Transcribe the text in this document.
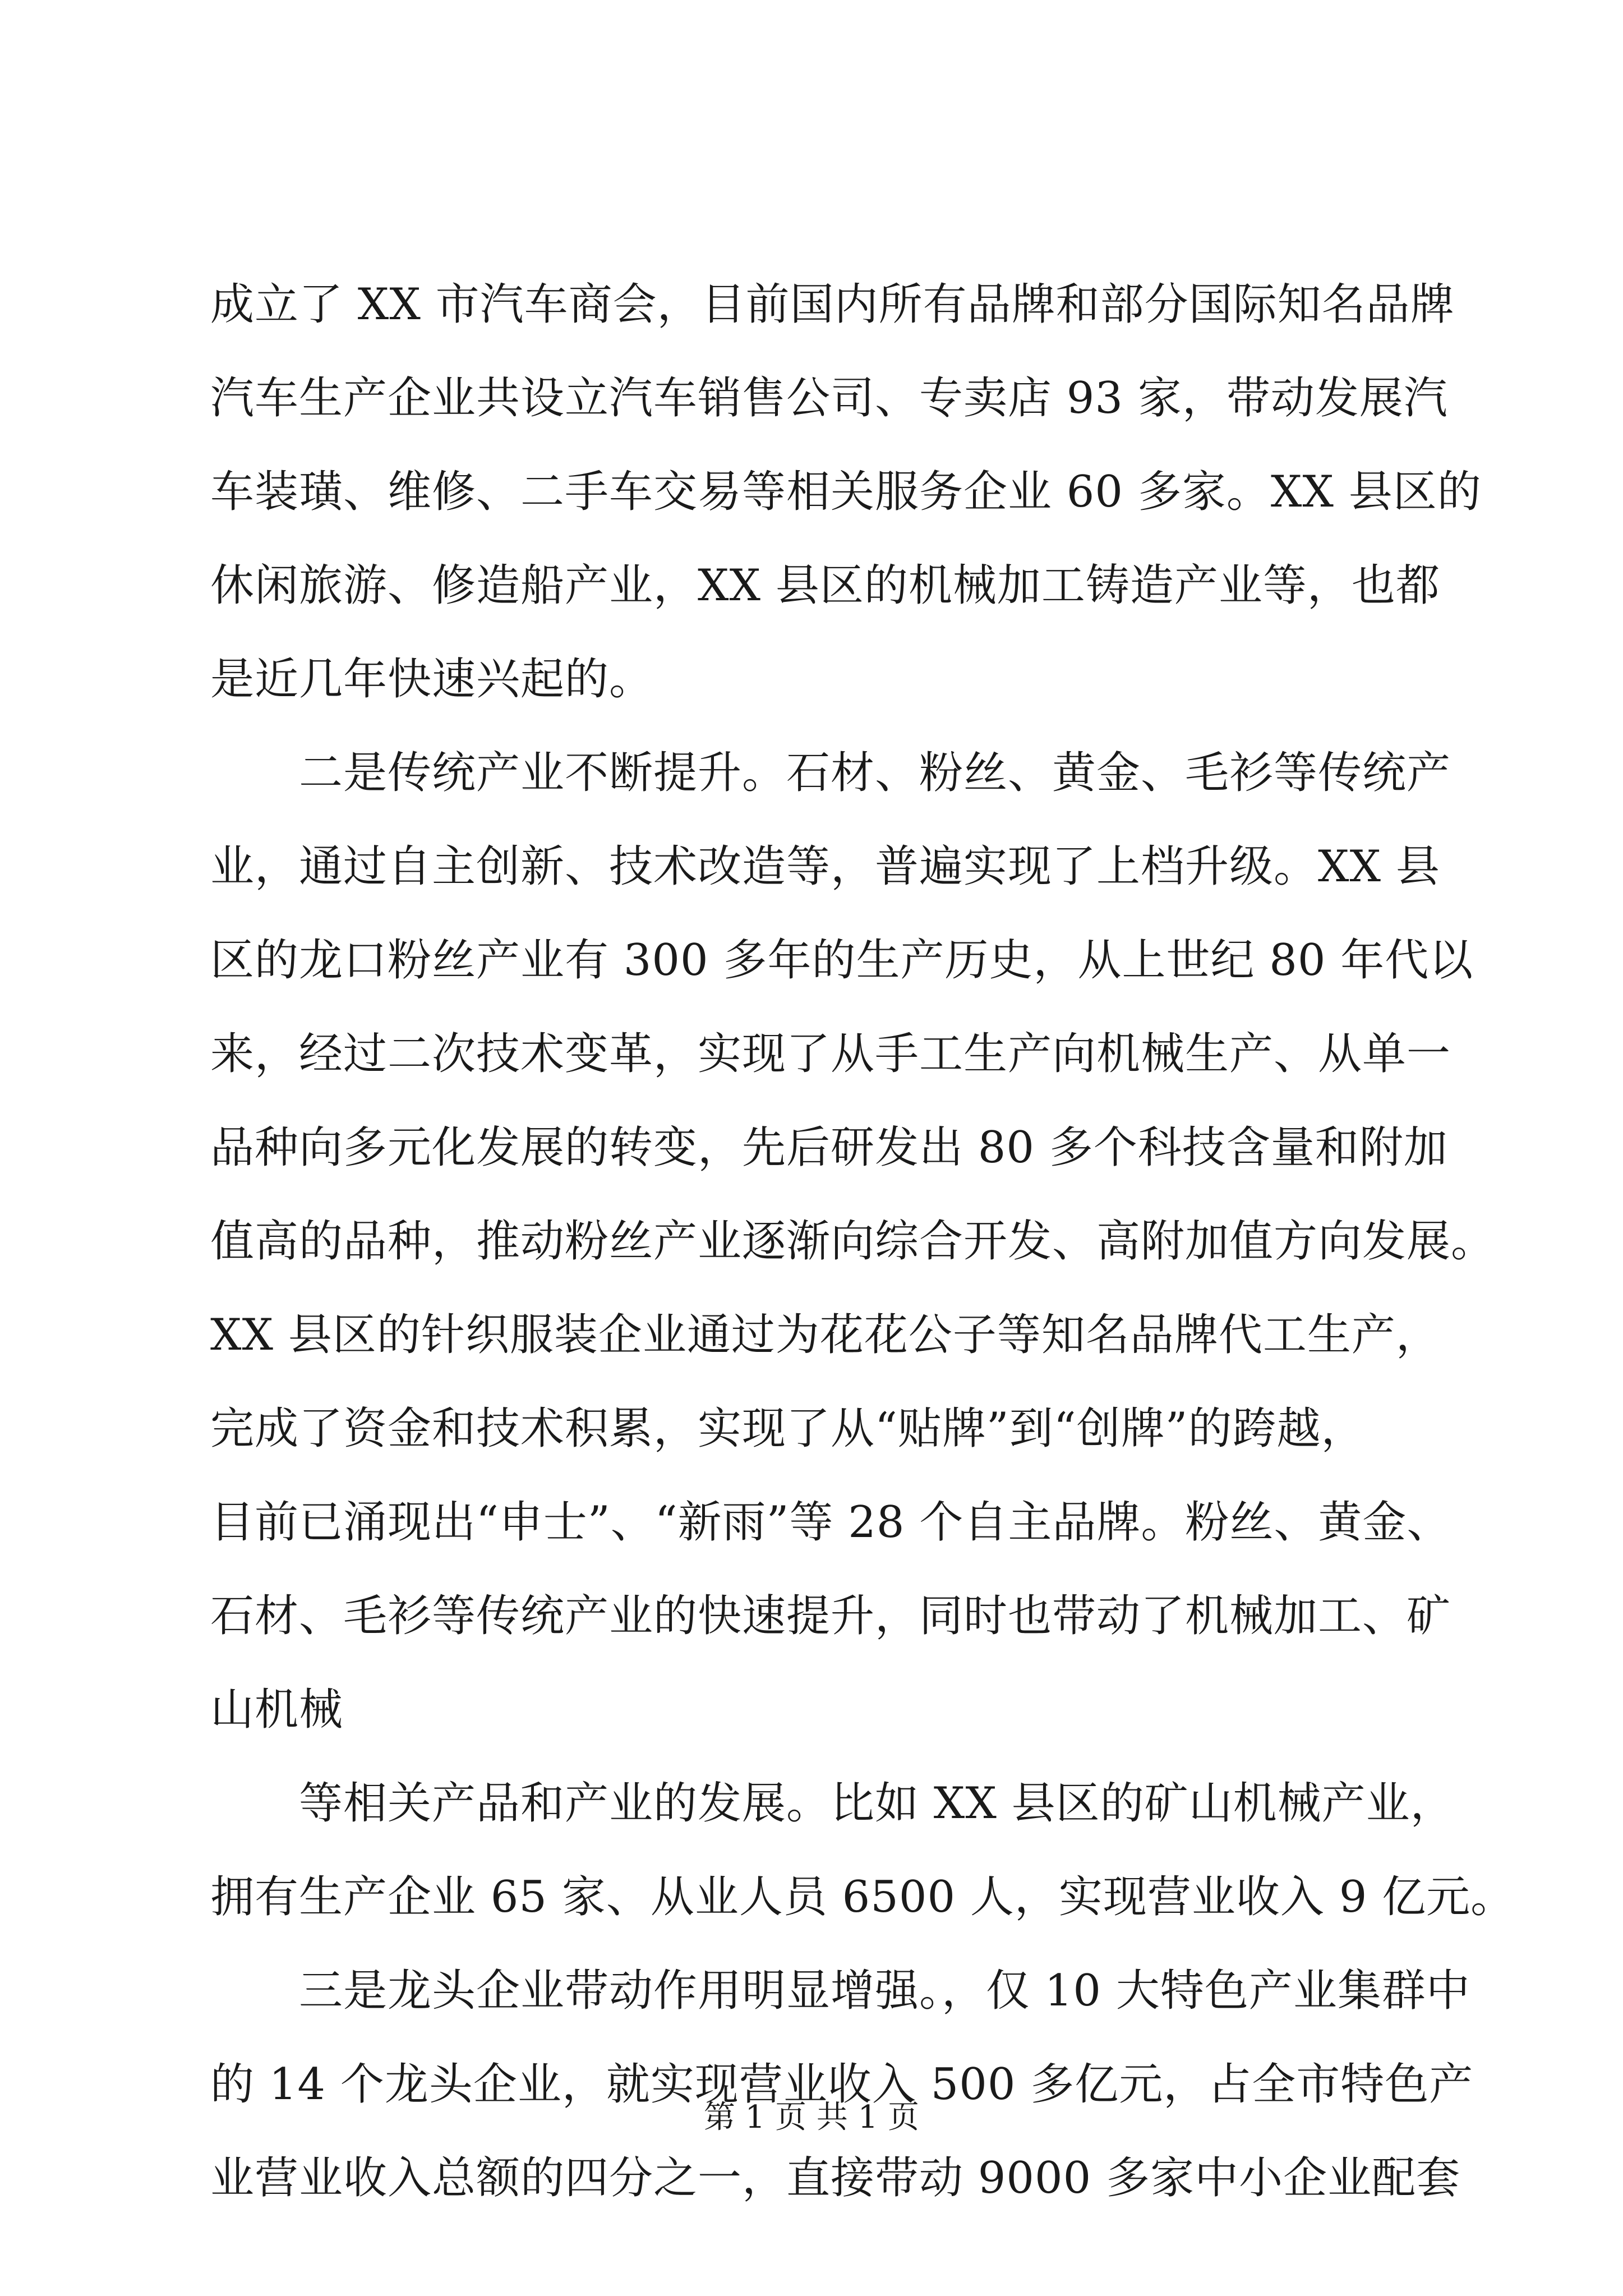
成立了 XX 市汽车商会，目前国内所有品牌和部分国际知名品牌
汽车生产企业共设立汽车销售公司、专卖店 93 家，带动发展汽
车装璜、维修、二手车交易等相关服务企业 60 多家。XX 县区的
休闲旅游、修造船产业，XX 县区的机械加工铸造产业等，也都
是近几年快速兴起的。
二是传统产业不断提升。石材、粉丝、黄金、毛衫等传统产
业，通过自主创新、技术改造等，普遍实现了上档升级。XX 县
区的龙口粉丝产业有 300 多年的生产历史，从上世纪 80 年代以
来，经过二次技术变革，实现了从手工生产向机械生产、从单一
品种向多元化发展的转变，先后研发出 80 多个科技含量和附加
值高的品种，推动粉丝产业逐渐向综合开发、高附加值方向发展。
XX 县区的针织服装企业通过为花花公子等知名品牌代工生产，
完成了资金和技术积累，实现了从“贴牌”到“创牌”的跨越，
目前已涌现出“申士”、“新雨”等 28 个自主品牌。粉丝、黄金、
石材、毛衫等传统产业的快速提升，同时也带动了机械加工、矿
山机械
等相关产品和产业的发展。比如 XX 县区的矿山机械产业，
拥有生产企业 65 家、从业人员 6500 人，实现营业收入 9 亿元。
三是龙头企业带动作用明显增强。，仅 10 大特色产业集群中
的 14 个龙头企业，就实现营业收入 500 多亿元，占全市特色产
业营业收入总额的四分之一，直接带动 9000 多家中小企业配套
第 1 页 共 1 页
